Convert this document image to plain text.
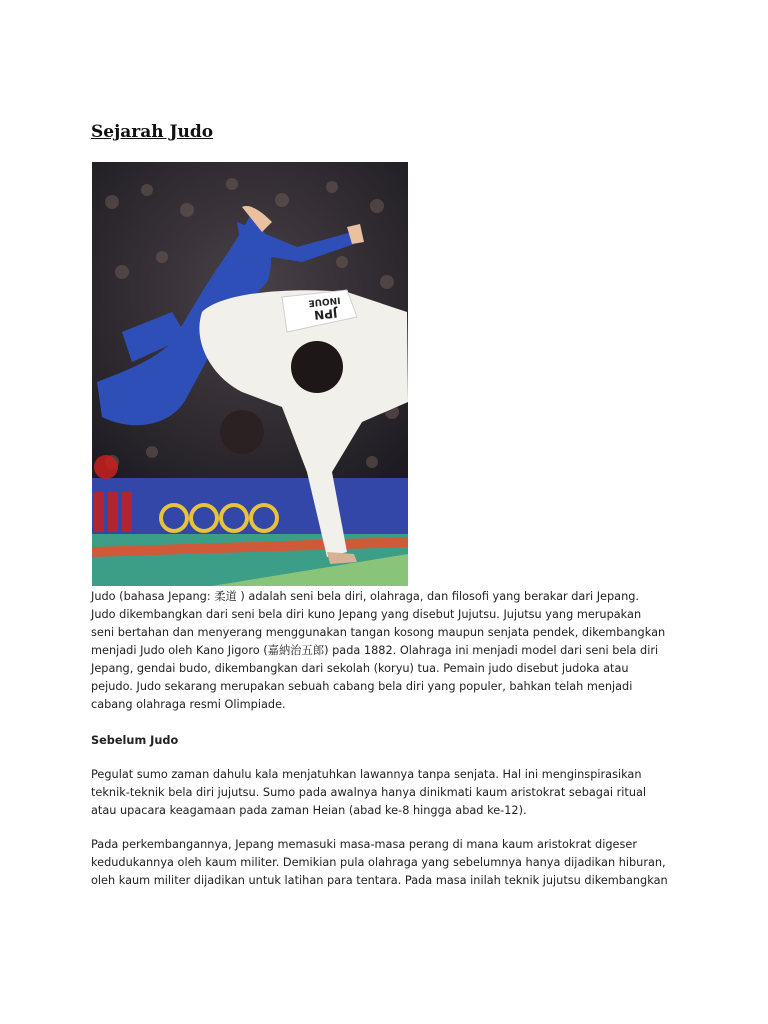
Sejarah Judo
JPN
INOUE
Judo (bahasa Jepang: 柔道 ) adalah seni bela diri, olahraga, dan filosofi yang berakar dari Jepang.
Judo dikembangkan dari seni bela diri kuno Jepang yang disebut Jujutsu. Jujutsu yang merupakan
seni bertahan dan menyerang menggunakan tangan kosong maupun senjata pendek, dikembangkan
menjadi Judo oleh Kano Jigoro (嘉納治五郎) pada 1882. Olahraga ini menjadi model dari seni bela diri
Jepang, gendai budo, dikembangkan dari sekolah (koryu) tua. Pemain judo disebut judoka atau
pejudo. Judo sekarang merupakan sebuah cabang bela diri yang populer, bahkan telah menjadi
cabang olahraga resmi Olimpiade.
Sebelum Judo
Pegulat sumo zaman dahulu kala menjatuhkan lawannya tanpa senjata. Hal ini menginspirasikan
teknik-teknik bela diri jujutsu. Sumo pada awalnya hanya dinikmati kaum aristokrat sebagai ritual
atau upacara keagamaan pada zaman Heian (abad ke-8 hingga abad ke-12).
Pada perkembangannya, Jepang memasuki masa-masa perang di mana kaum aristokrat digeser
kedudukannya oleh kaum militer. Demikian pula olahraga yang sebelumnya hanya dijadikan hiburan,
oleh kaum militer dijadikan untuk latihan para tentara. Pada masa inilah teknik jujutsu dikembangkan
